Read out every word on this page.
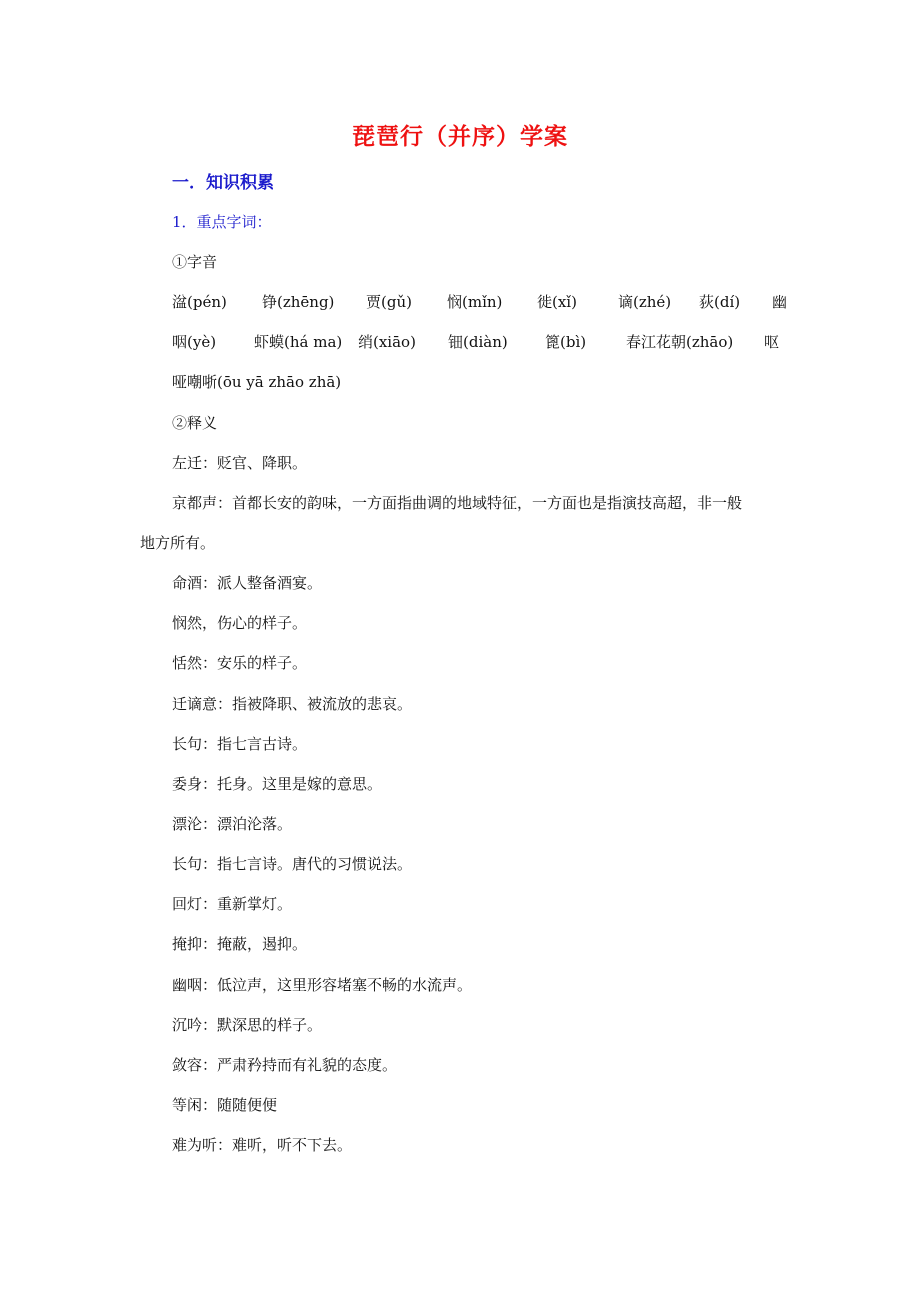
琵琶行（并序）学案
一．知识积累
1．重点字词：
①字音
湓(pén) 铮(zhēng) 贾(gǔ) 悯(mǐn) 徙(xǐ)	谪(zhé) 荻(dí) 幽
咽(yè)	虾蟆(há ma) 绡(xiāo) 钿(diàn) 篦(bì)	春江花朝(zhāo) 呕
哑嘲哳(ōu yā zhāo zhā)
②释义
左迁：贬官、降职。
京都声：首都长安的韵味，一方面指曲调的地域特征，一方面也是指演技高超，非一般
地方所有。
命酒：派人整备酒宴。
悯然，伤心的样子。
恬然：安乐的样子。
迁谪意：指被降职、被流放的悲哀。
长句：指七言古诗。
委身：托身。这里是嫁的意思。
漂沦：漂泊沦落。
长句：指七言诗。唐代的习惯说法。
回灯：重新掌灯。
掩抑：掩蔽，遏抑。
幽咽：低泣声，这里形容堵塞不畅的水流声。
沉吟：默深思的样子。
敛容：严肃矜持而有礼貌的态度。
等闲：随随便便
难为听：难听，听不下去。
